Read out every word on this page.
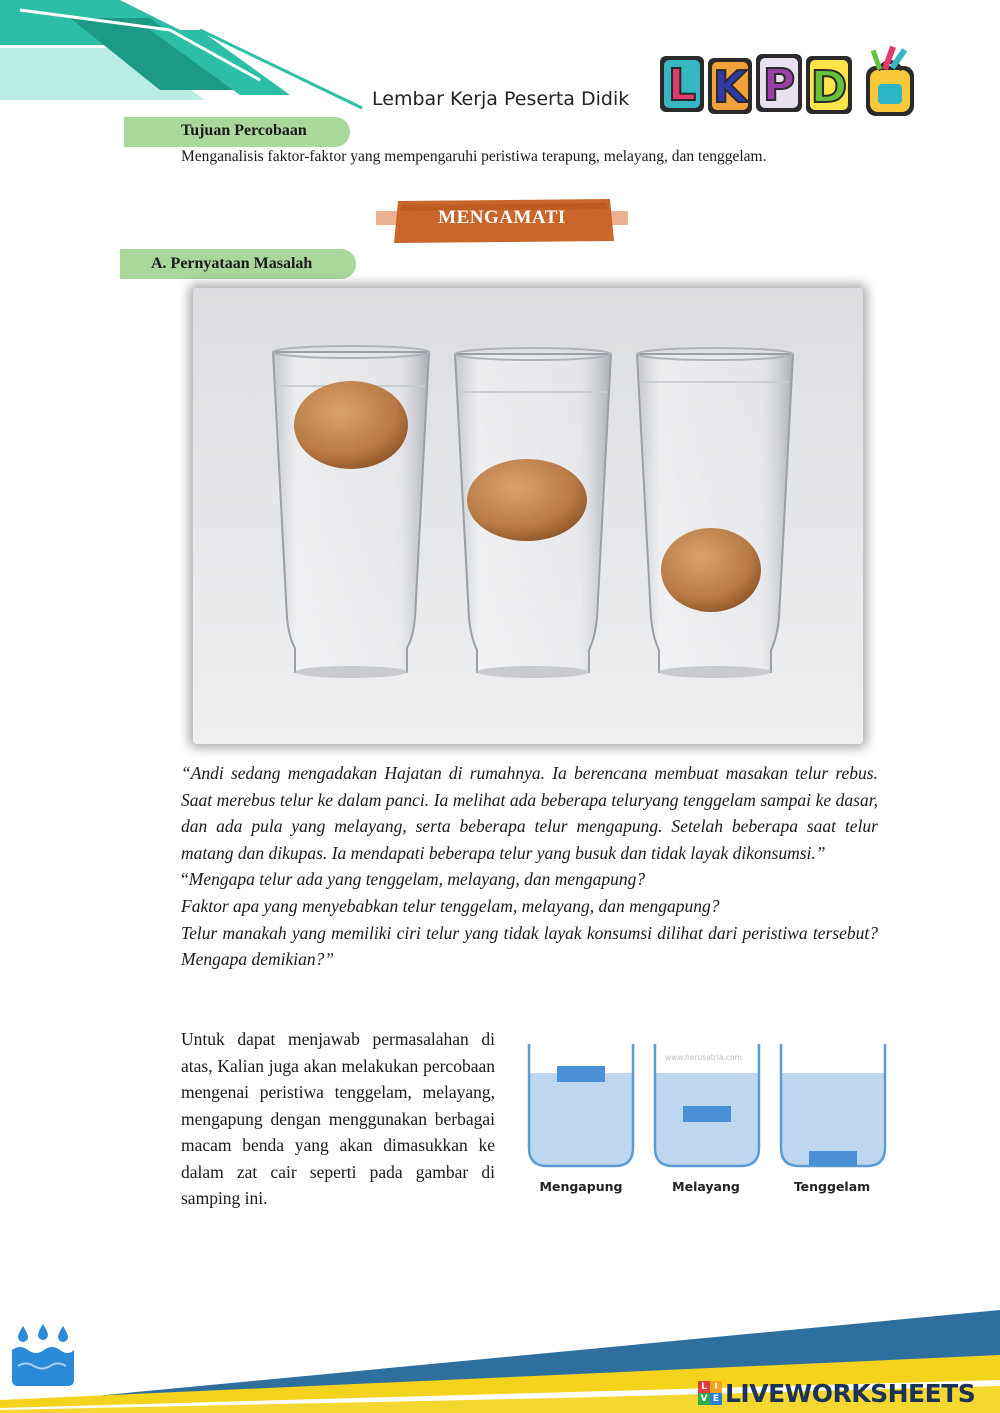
Lembar Kerja Peserta Didik L K P D
Tujuan Percobaan
Menganalisis faktor-faktor yang mempengaruhi peristiwa terapung, melayang, dan tenggelam.
MENGAMATI
A. Pernyataan Masalah

“Andi sedang mengadakan Hajatan di rumahnya. Ia berencana membuat masakan telur rebus. Saat merebus telur ke dalam panci. Ia melihat ada beberapa teluryang tenggelam sampai ke dasar, dan ada pula yang melayang, serta beberapa telur mengapung. Setelah beberapa saat telur matang dan dikupas. Ia mendapati beberapa telur yang busuk dan tidak layak dikonsumsi.”

“Mengapa telur ada yang tenggelam, melayang, dan mengapung?

Faktor apa yang menyebabkan telur tenggelam, melayang, dan mengapung?

Telur manakah yang memiliki ciri telur yang tidak layak konsumsi dilihat dari peristiwa tersebut? Mengapa demikian?”

Untuk dapat menjawab permasalahan di atas, Kalian juga akan melakukan percobaan mengenai peristiwa tenggelam, melayang, mengapung dengan menggunakan berbagai macam benda yang akan dimasukkan ke dalam zat cair seperti pada gambar di samping ini.
www.herusatria.com
Mengapung	Melayang	Tenggelam
L I
V E LIVEWORKSHEETS
